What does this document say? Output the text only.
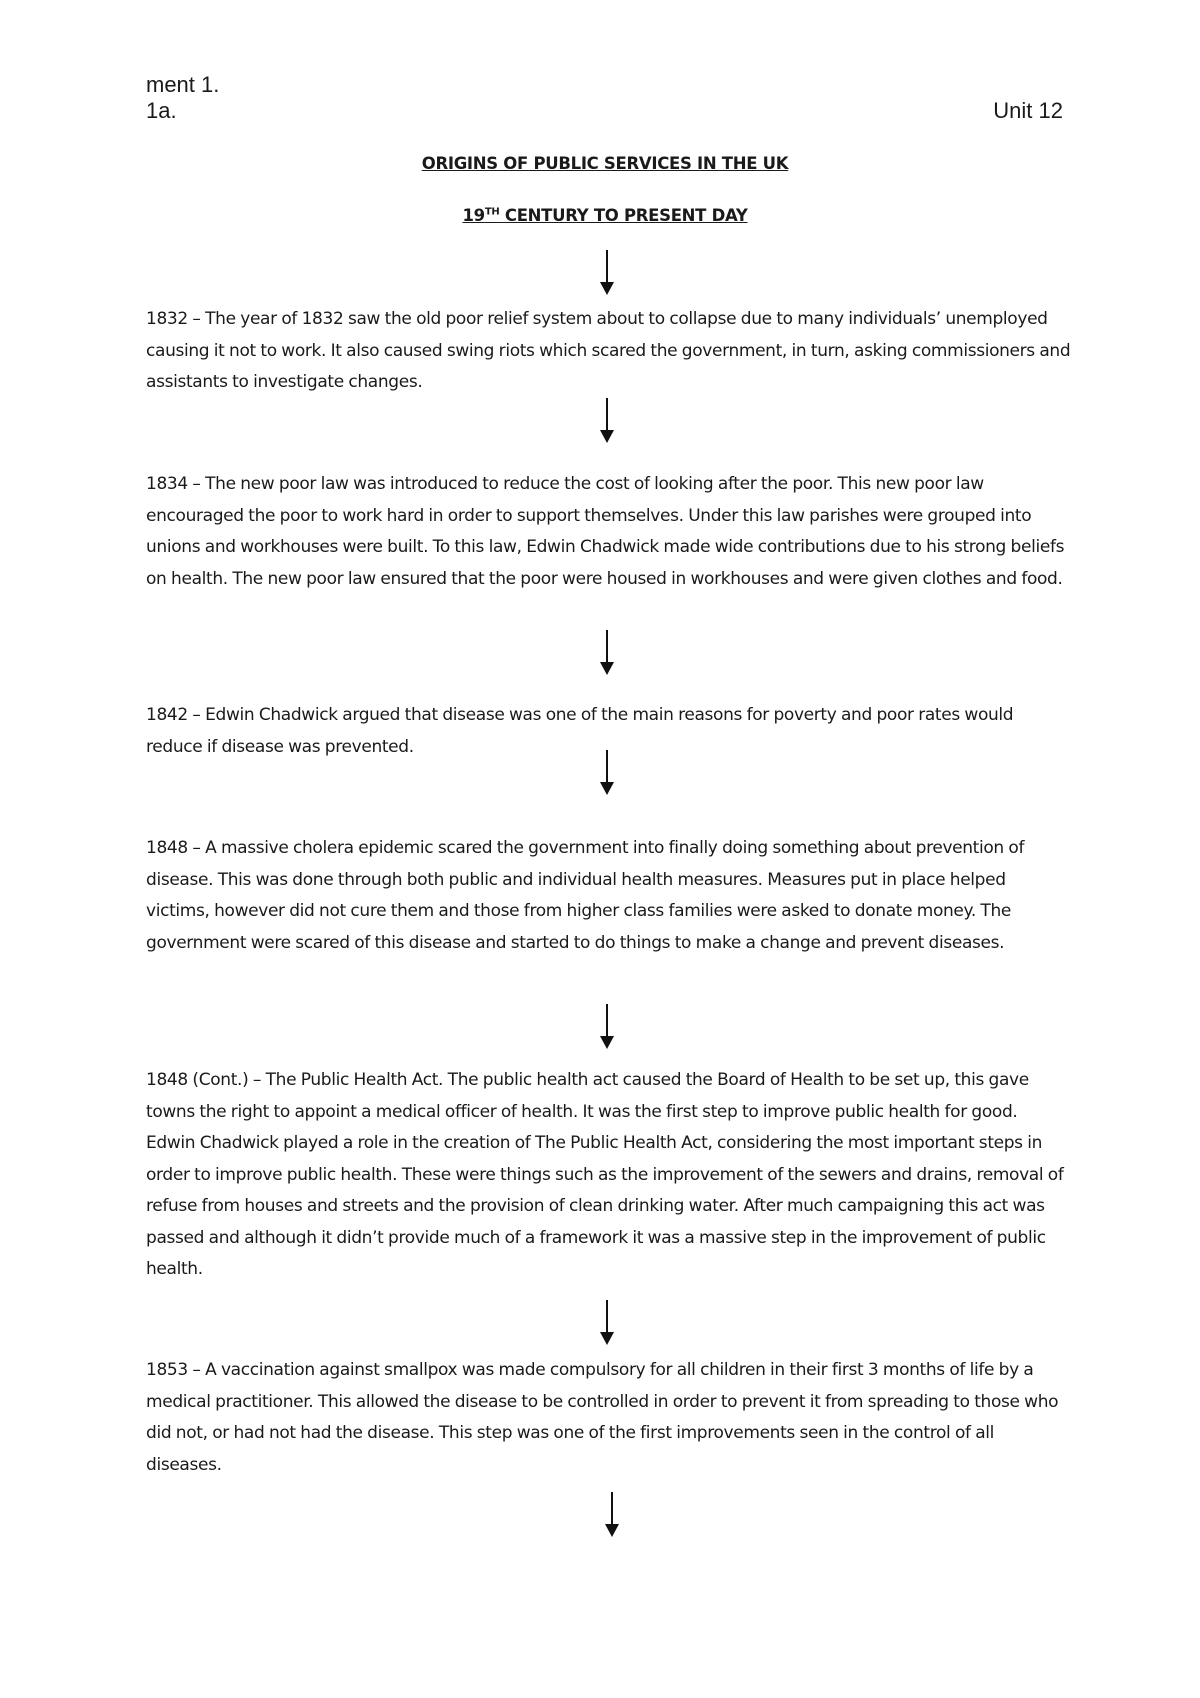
ment 1.
1a.	Unit 12
ORIGINS OF PUBLIC SERVICES IN THE UK
19TH CENTURY TO PRESENT DAY

1832 – The year of 1832 saw the old poor relief system about to collapse due to many individuals’ unemployed causing it not to work. It also caused swing riots which scared the government, in turn, asking commissioners and assistants to investigate changes.

1834 – The new poor law was introduced to reduce the cost of looking after the poor. This new poor law encouraged the poor to work hard in order to support themselves. Under this law parishes were grouped into unions and workhouses were built. To this law, Edwin Chadwick made wide contributions due to his strong beliefs on health. The new poor law ensured that the poor were housed in workhouses and were given clothes and food.

1842 – Edwin Chadwick argued that disease was one of the main reasons for poverty and poor rates would reduce if disease was prevented.

1848 – A massive cholera epidemic scared the government into finally doing something about prevention of disease. This was done through both public and individual health measures. Measures put in place helped victims, however did not cure them and those from higher class families were asked to donate money. The government were scared of this disease and started to do things to make a change and prevent diseases.

1848 (Cont.) – The Public Health Act. The public health act caused the Board of Health to be set up, this gave towns the right to appoint a medical officer of health. It was the first step to improve public health for good. Edwin Chadwick played a role in the creation of The Public Health Act, considering the most important steps in order to improve public health. These were things such as the improvement of the sewers and drains, removal of refuse from houses and streets and the provision of clean drinking water. After much campaigning this act was passed and although it didn’t provide much of a framework it was a massive step in the improvement of public health.

1853 – A vaccination against smallpox was made compulsory for all children in their first 3 months of life by a medical practitioner. This allowed the disease to be controlled in order to prevent it from spreading to those who did not, or had not had the disease. This step was one of the first improvements seen in the control of all diseases.
